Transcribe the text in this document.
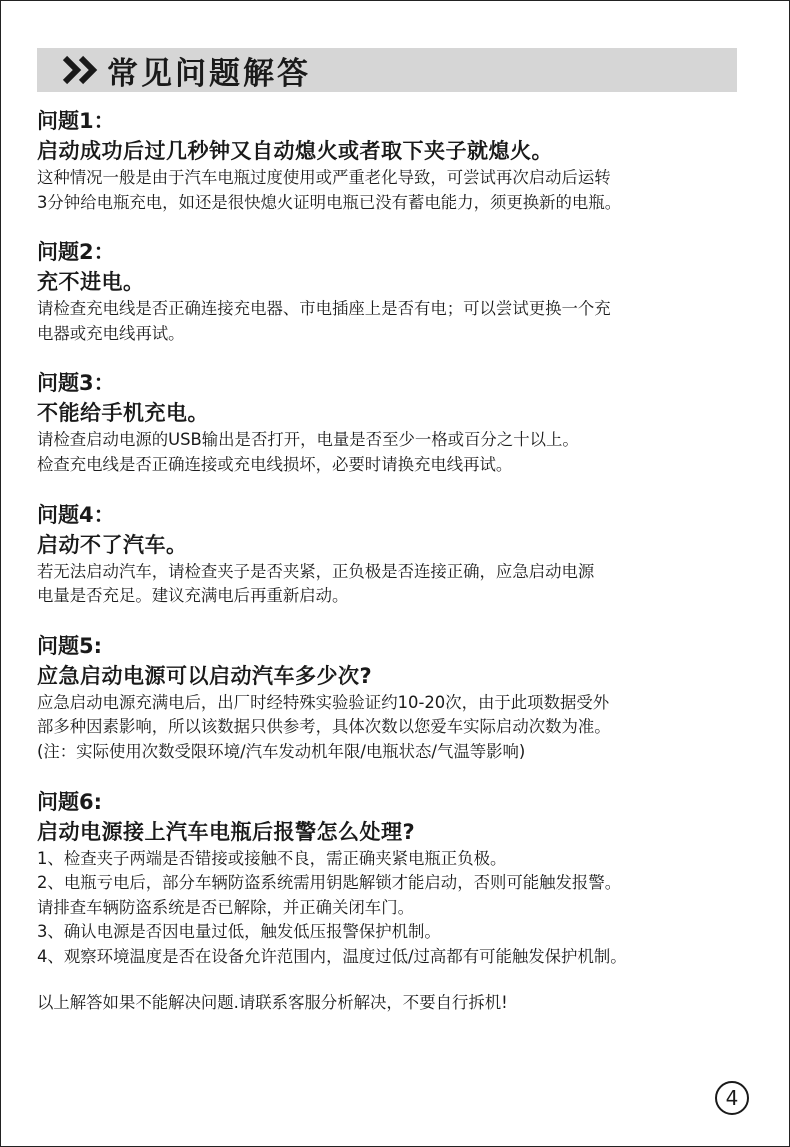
常见问题解答
问题1：
启动成功后过几秒钟又自动熄火或者取下夹子就熄火。
这种情况一般是由于汽车电瓶过度使用或严重老化导致，可尝试再次启动后运转
3分钟给电瓶充电，如还是很快熄火证明电瓶已没有蓄电能力，须更换新的电瓶。
问题2：
充不进电。
请检查充电线是否正确连接充电器、市电插座上是否有电；可以尝试更换一个充
电器或充电线再试。
问题3：
不能给手机充电。
请检查启动电源的USB输出是否打开，电量是否至少一格或百分之十以上。
检查充电线是否正确连接或充电线损坏，必要时请换充电线再试。
问题4：
启动不了汽车。
若无法启动汽车，请检查夹子是否夹紧，正负极是否连接正确，应急启动电源
电量是否充足。建议充满电后再重新启动。
问题5:
应急启动电源可以启动汽车多少次?
应急启动电源充满电后，出厂时经特殊实验验证约10-20次，由于此项数据受外
部多种因素影响，所以该数据只供参考，具体次数以您爱车实际启动次数为准。
(注：实际使用次数受限环境/汽车发动机年限/电瓶状态/气温等影响)
问题6:
启动电源接上汽车电瓶后报警怎么处理?
1、检查夹子两端是否错接或接触不良，需正确夹紧电瓶正负极。
2、电瓶亏电后，部分车辆防盗系统需用钥匙解锁才能启动，否则可能触发报警。
请排查车辆防盗系统是否已解除，并正确关闭车门。
3、确认电源是否因电量过低，触发低压报警保护机制。
4、观察环境温度是否在设备允许范围内，温度过低/过高都有可能触发保护机制。
以上解答如果不能解决问题.请联系客服分析解决，不要自行拆机!
4
